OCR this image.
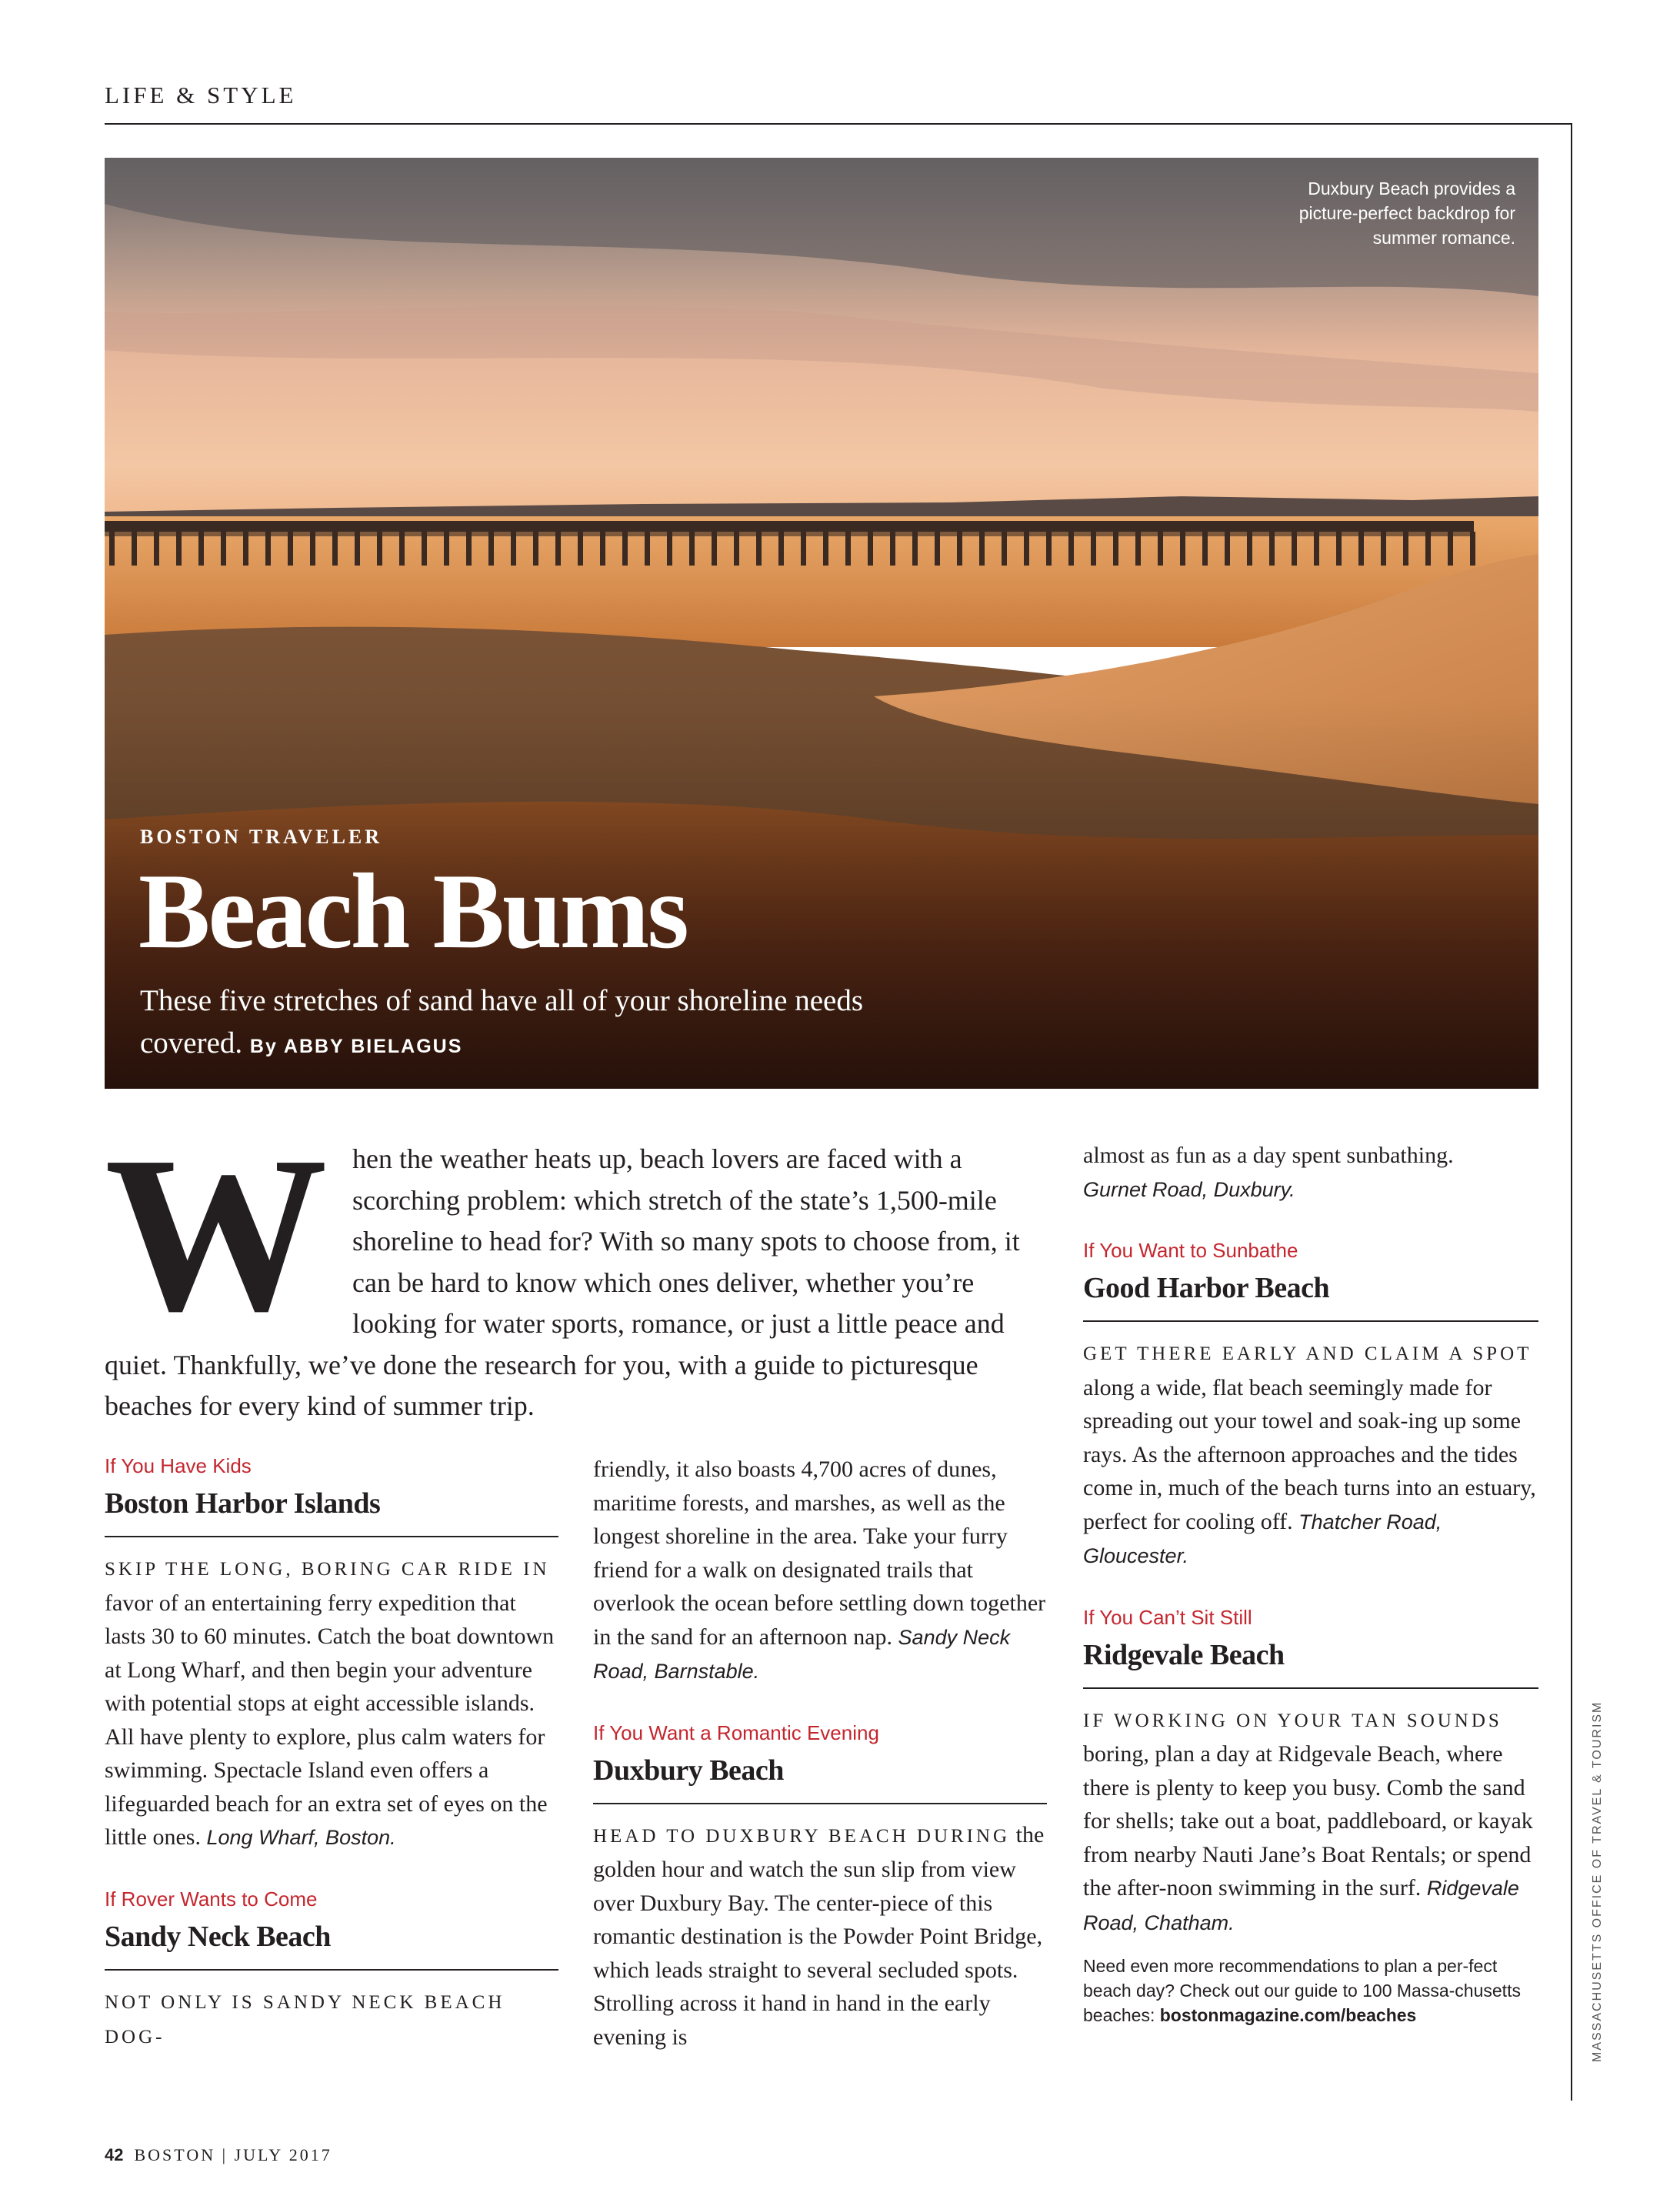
LIFE & STYLE
Duxbury Beach provides a picture-perfect backdrop for summer romance.
BOSTON TRAVELER
Beach Bums
These five stretches of sand have all of your shoreline needs covered. By ABBY BIELAGUS
W	hen the weather heats up, beach lovers are faced with a scorching problem: which stretch of the state’s 1,500-mile shoreline to head for? With so many spots to choose from, it can be hard to know which ones deliver, whether you’re looking for water sports, romance, or just a little peace and quiet. Thankfully, we’ve done the research for you, with a guide to picturesque beaches for every kind of summer trip.

If You Have Kids

Boston Harbor Islands

SKIP THE LONG, BORING CAR RIDE IN favor of an entertaining ferry expedition that lasts 30 to 60 minutes. Catch the boat downtown at Long Wharf, and then begin your adventure with potential stops at eight accessible islands. All have plenty to explore, plus calm waters for swimming. Spectacle Island even offers a lifeguarded beach for an extra set of eyes on the little ones. Long Wharf, Boston.

If Rover Wants to Come

Sandy Neck Beach

NOT ONLY IS SANDY NECK BEACH DOG-

friendly, it also boasts 4,700 acres of dunes, maritime forests, and marshes, as well as the longest shoreline in the area. Take your furry friend for a walk on designated trails that overlook the ocean before settling down together in the sand for an afternoon nap. Sandy Neck Road, Barnstable.

If You Want a Romantic Evening

Duxbury Beach

HEAD TO DUXBURY BEACH DURING the golden hour and watch the sun slip from view over Duxbury Bay. The center-piece of this romantic destination is the Powder Point Bridge, which leads straight to several secluded spots. Strolling across it hand in hand in the early evening is

almost as fun as a day spent sunbathing.
Gurnet Road, Duxbury.

If You Want to Sunbathe

Good Harbor Beach

GET THERE EARLY AND CLAIM A SPOT along a wide, flat beach seemingly made for spreading out your towel and soak-ing up some rays. As the afternoon approaches and the tides come in, much of the beach turns into an estuary, perfect for cooling off. Thatcher Road, Gloucester.

If You Can’t Sit Still

Ridgevale Beach

IF WORKING ON YOUR TAN SOUNDS boring, plan a day at Ridgevale Beach, where there is plenty to keep you busy. Comb the sand for shells; take out a boat, paddleboard, or kayak from nearby Nauti Jane’s Boat Rentals; or spend the after-noon swimming in the surf. Ridgevale Road, Chatham.

Need even more recommendations to plan a per-fect beach day? Check out our guide to 100 Massa-chusetts beaches: bostonmagazine.com/beaches	MASSACHUSETTS OFFICE OF TRAVEL & TOURISM
42 BOSTON | JULY 2017
